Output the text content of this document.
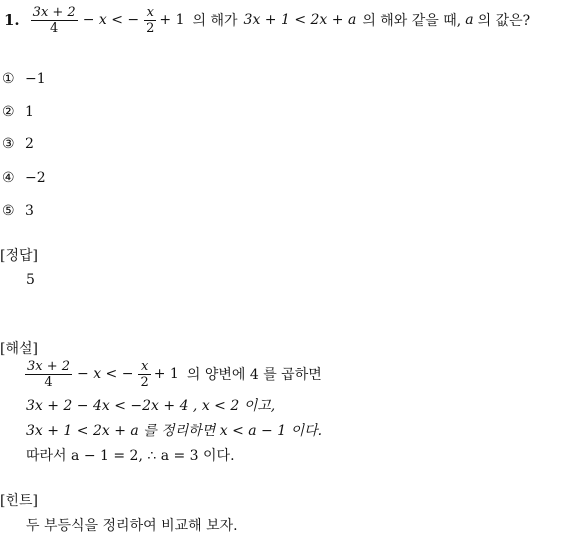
1. $\frac{3x + 2}{4} - x$ < − $\frac{x}{2} + 1$ 의 해가 3x + 1 < 2x + a 의 해와 같을 때, a 의 값은?
① −1
② 1
③ 2
④ −2
⑤ 3
[정답]
5
[해설]
$\frac{3x + 2}{4} - x$ < − $\frac{x}{2} + 1$ 의 양변에 4 를 곱하면
3x + 2 − 4x < −2x + 4 , x < 2 이고,
3x + 1 < 2x + a 를 정리하면 x < a − 1 이다.
따라서 a − 1 = 2, ∴ a = 3 이다.
[힌트]
두 부등식을 정리하여 비교해 보자.
